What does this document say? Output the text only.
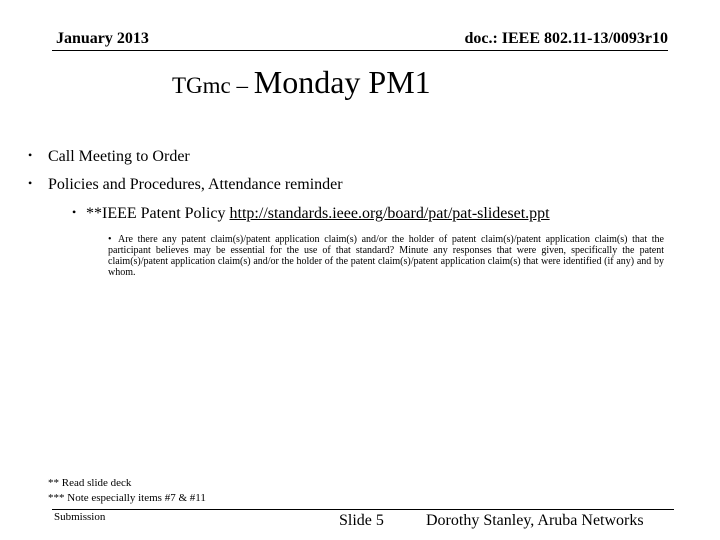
January 2013	doc.: IEEE 802.11-13/0093r10
TGmc – Monday PM1
• Call Meeting to Order
• Policies and Procedures, Attendance reminder
• **IEEE Patent Policy http://standards.ieee.org/board/pat/pat-slideset.ppt
• Are there any patent claim(s)/patent application claim(s) and/or the holder of patent claim(s)/patent application claim(s) that the participant believes may be essential for the use of that standard? Minute any responses that were given, specifically the patent claim(s)/patent application claim(s) and/or the holder of the patent claim(s)/patent application claim(s) that were identified (if any) and by whom.
** Read slide deck
*** Note especially items #7 & #11
Submission	Slide 5	Dorothy Stanley, Aruba Networks
